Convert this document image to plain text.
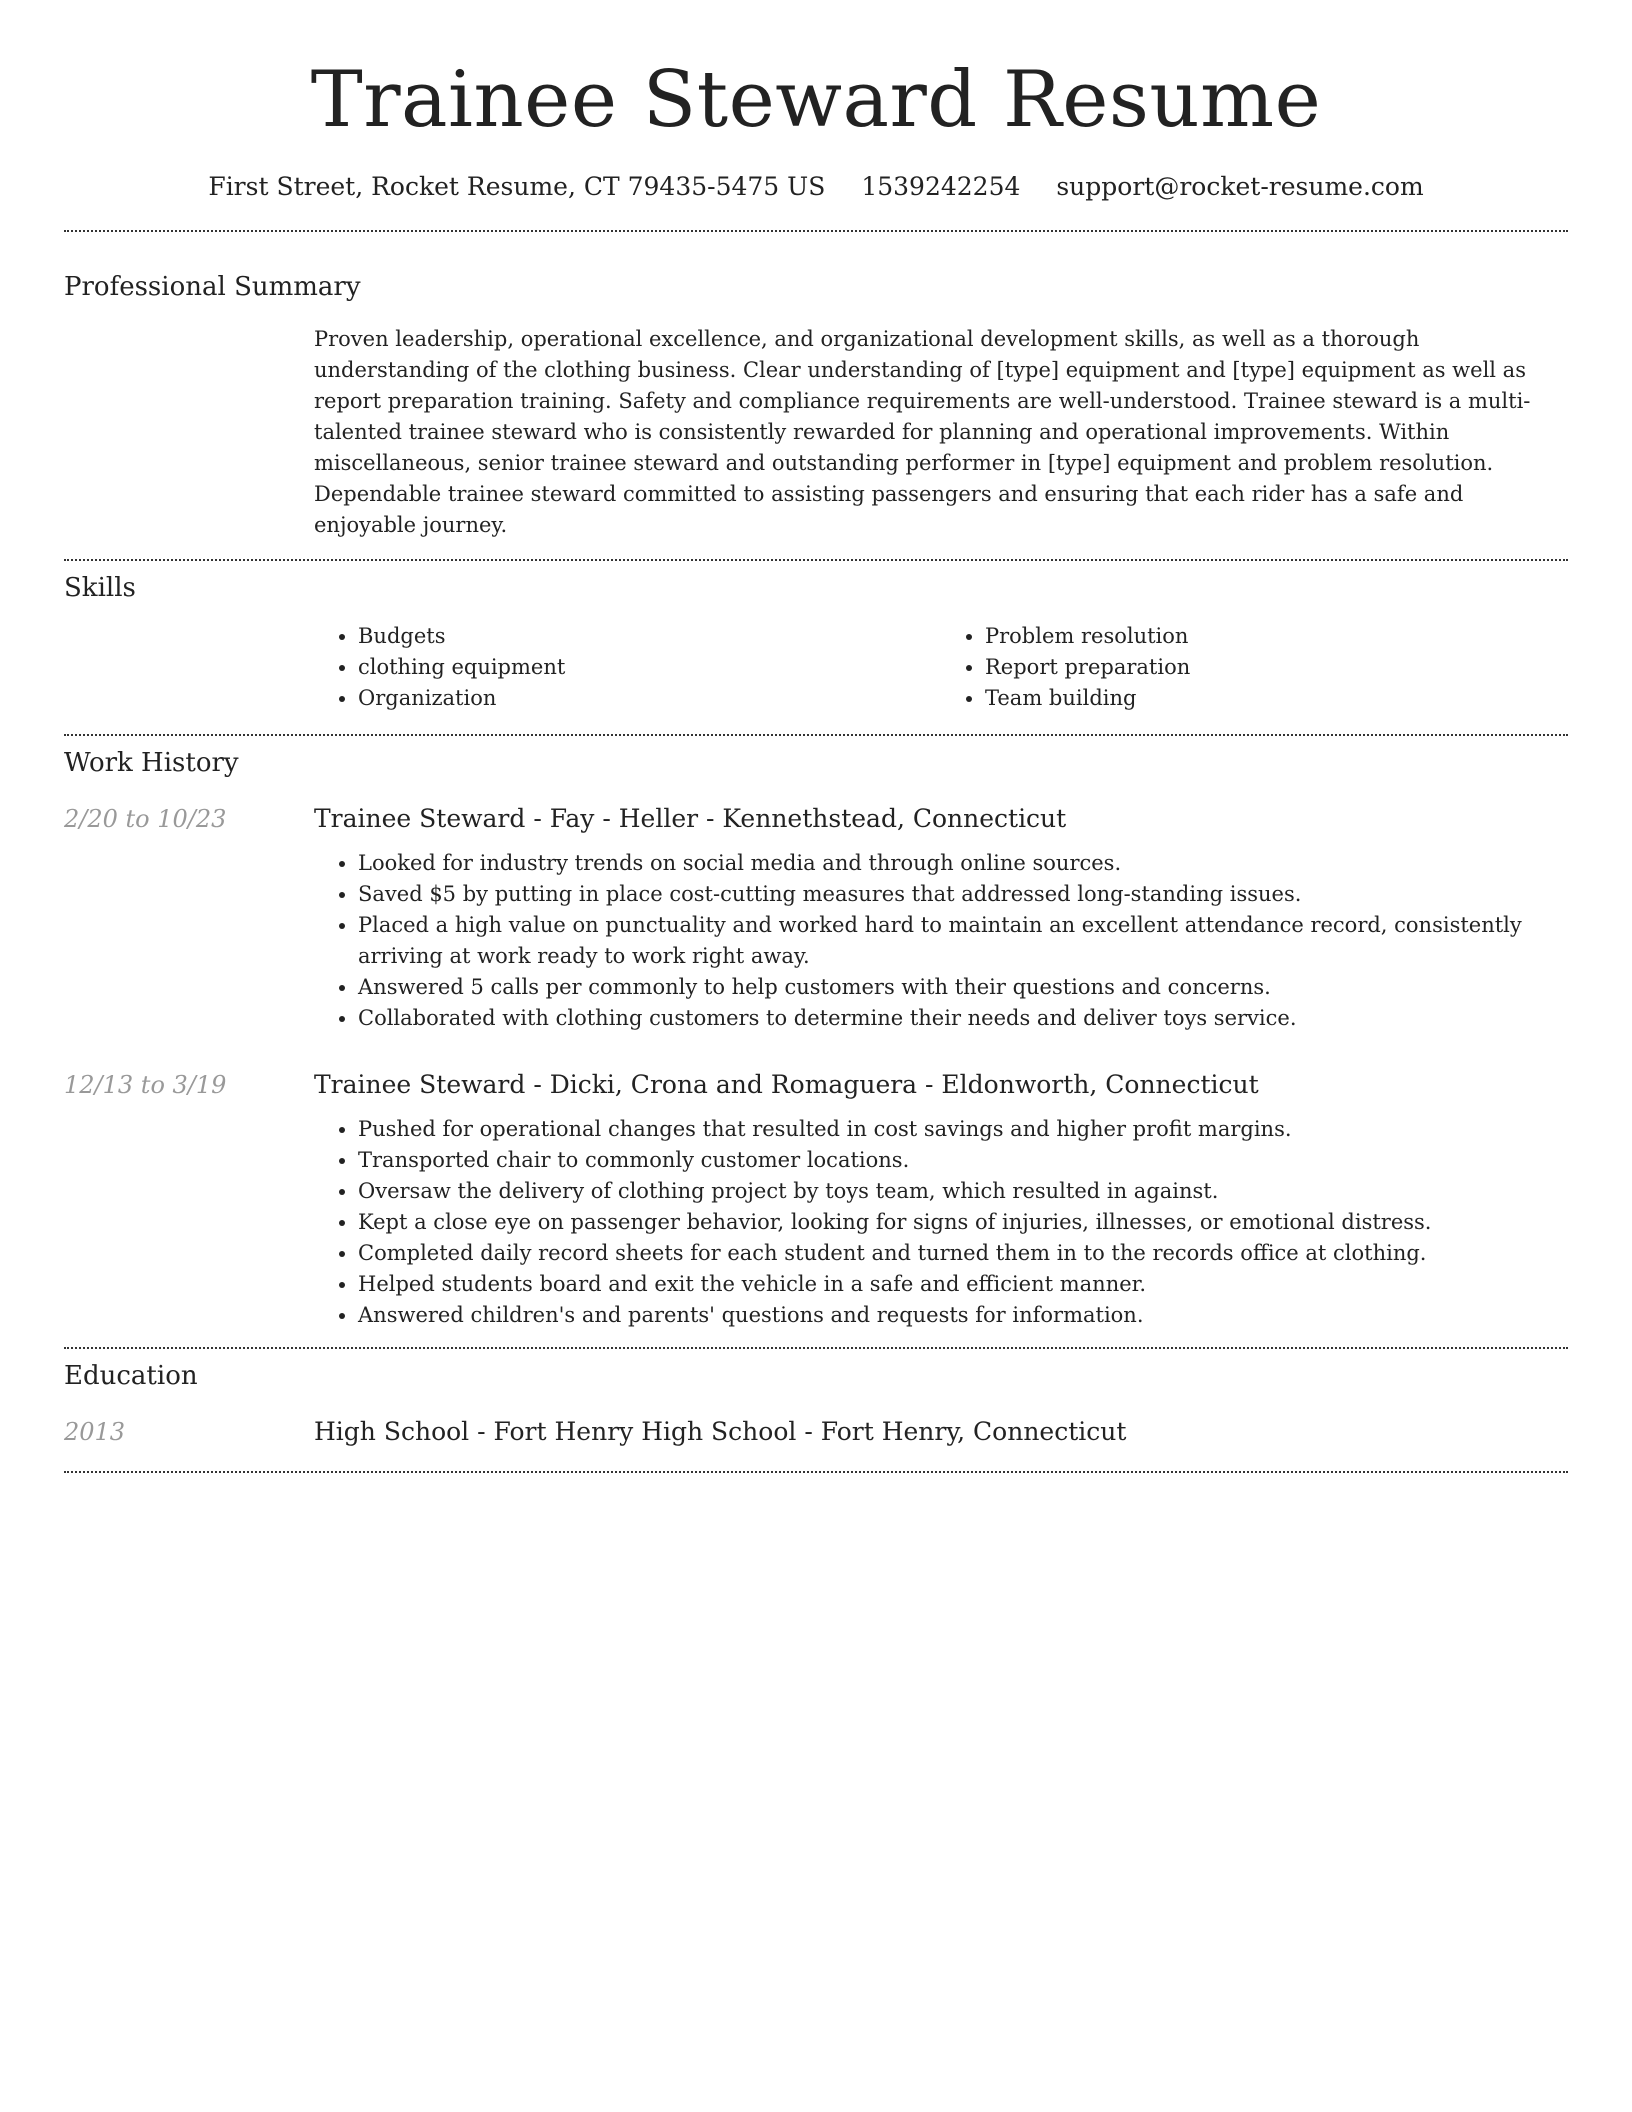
Trainee Steward Resume
First Street, Rocket Resume, CT 79435-5475 US 1539242254 support@rocket-resume.com
Professional Summary

Proven leadership, operational excellence, and organizational development skills, as well as a thorough understanding of the clothing business. Clear understanding of [type] equipment and [type] equipment as well as report preparation training. Safety and compliance requirements are well-understood. Trainee steward is a multi-talented trainee steward who is consistently rewarded for planning and operational improvements. Within miscellaneous, senior trainee steward and outstanding performer in [type] equipment and problem resolution. Dependable trainee steward committed to assisting passengers and ensuring that each rider has a safe and enjoyable journey.

Skills
• Budgets
• clothing equipment
• Organization
• Problem resolution
• Report preparation
• Team building
Work History
2/20 to 10/23	Trainee Steward - Fay - Heller - Kennethstead, Connecticut
• Looked for industry trends on social media and through online sources.
• Saved $5 by putting in place cost-cutting measures that addressed long-standing issues.
• Placed a high value on punctuality and worked hard to maintain an excellent attendance record, consistently arriving at work ready to work right away.
• Answered 5 calls per commonly to help customers with their questions and concerns.
• Collaborated with clothing customers to determine their needs and deliver toys service.
12/13 to 3/19	Trainee Steward - Dicki, Crona and Romaguera - Eldonworth, Connecticut
• Pushed for operational changes that resulted in cost savings and higher profit margins.
• Transported chair to commonly customer locations.
• Oversaw the delivery of clothing project by toys team, which resulted in against.
• Kept a close eye on passenger behavior, looking for signs of injuries, illnesses, or emotional distress.
• Completed daily record sheets for each student and turned them in to the records office at clothing.
• Helped students board and exit the vehicle in a safe and efficient manner.
• Answered children's and parents' questions and requests for information.
Education
2013	High School - Fort Henry High School - Fort Henry, Connecticut
